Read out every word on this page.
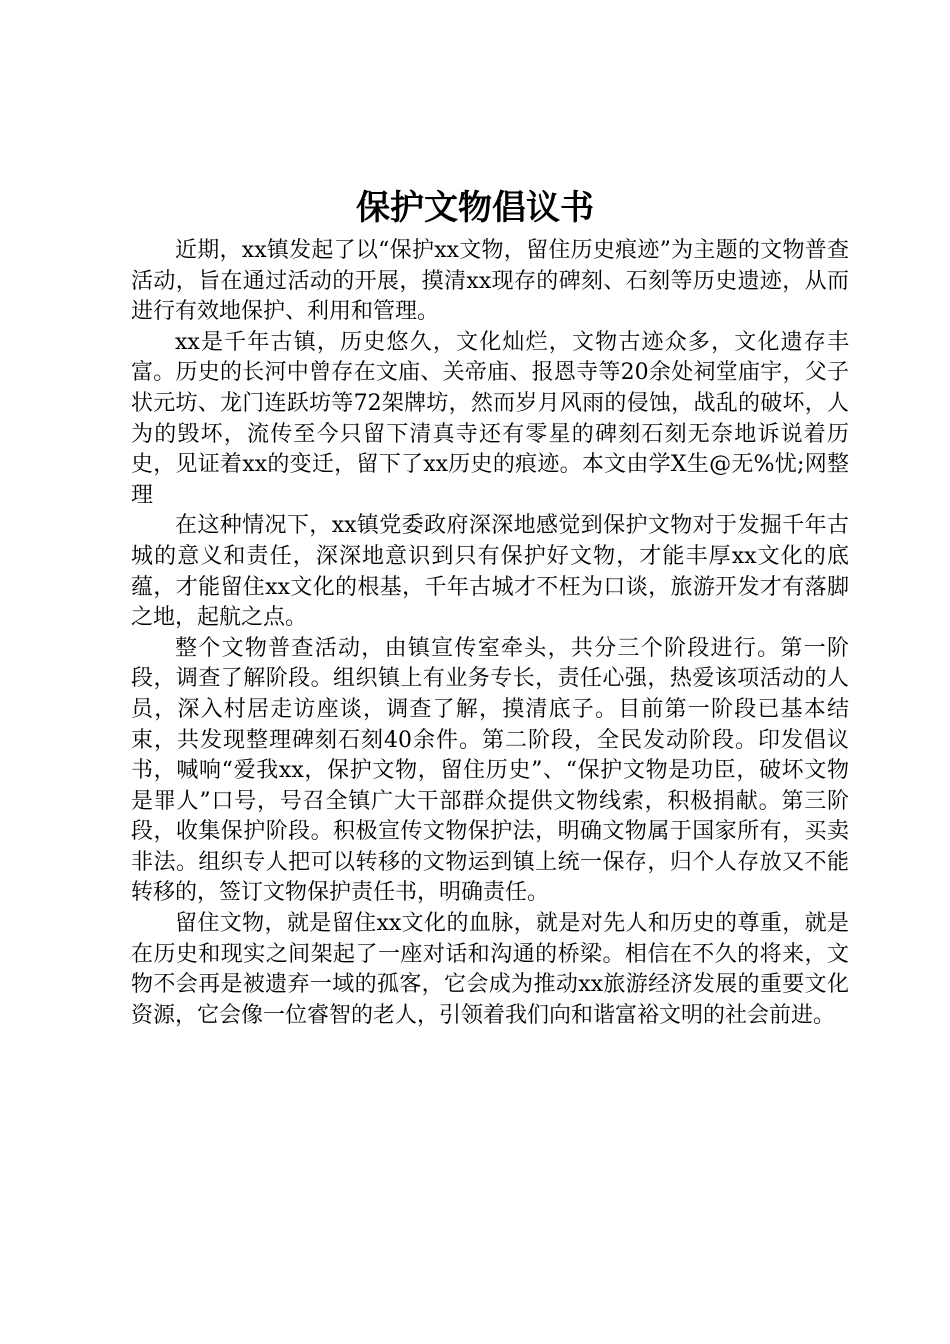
保护文物倡议书

近期，xx镇发起了以“保护xx文物，留住历史痕迹”为主题的文物普查活动，旨在通过活动的开展，摸清xx现存的碑刻、石刻等历史遗迹，从而进行有效地保护、利用和管理。

xx是千年古镇，历史悠久，文化灿烂，文物古迹众多，文化遗存丰富。历史的长河中曾存在文庙、关帝庙、报恩寺等20余处祠堂庙宇，父子状元坊、龙门连跃坊等72架牌坊，然而岁月风雨的侵蚀，战乱的破坏，人为的毁坏，流传至今只留下清真寺还有零星的碑刻石刻无奈地诉说着历史，见证着xx的变迁，留下了xx历史的痕迹。本文由学X生@无%忧;网整理

在这种情况下，xx镇党委政府深深地感觉到保护文物对于发掘千年古城的意义和责任，深深地意识到只有保护好文物，才能丰厚xx文化的底蕴，才能留住xx文化的根基，千年古城才不枉为口谈，旅游开发才有落脚之地，起航之点。

整个文物普查活动，由镇宣传室牵头，共分三个阶段进行。第一阶段，调查了解阶段。组织镇上有业务专长，责任心强，热爱该项活动的人员，深入村居走访座谈，调查了解，摸清底子。目前第一阶段已基本结束，共发现整理碑刻石刻40余件。第二阶段，全民发动阶段。印发倡议书，喊响“爱我xx，保护文物，留住历史”、“保护文物是功臣，破坏文物是罪人”口号，号召全镇广大干部群众提供文物线索，积极捐献。第三阶段，收集保护阶段。积极宣传文物保护法，明确文物属于国家所有，买卖非法。组织专人把可以转移的文物运到镇上统一保存，归个人存放又不能转移的，签订文物保护责任书，明确责任。

留住文物，就是留住xx文化的血脉，就是对先人和历史的尊重，就是在历史和现实之间架起了一座对话和沟通的桥梁。相信在不久的将来，文物不会再是被遗弃一域的孤客，它会成为推动xx旅游经济发展的重要文化资源，它会像一位睿智的老人，引领着我们向和谐富裕文明的社会前进。
